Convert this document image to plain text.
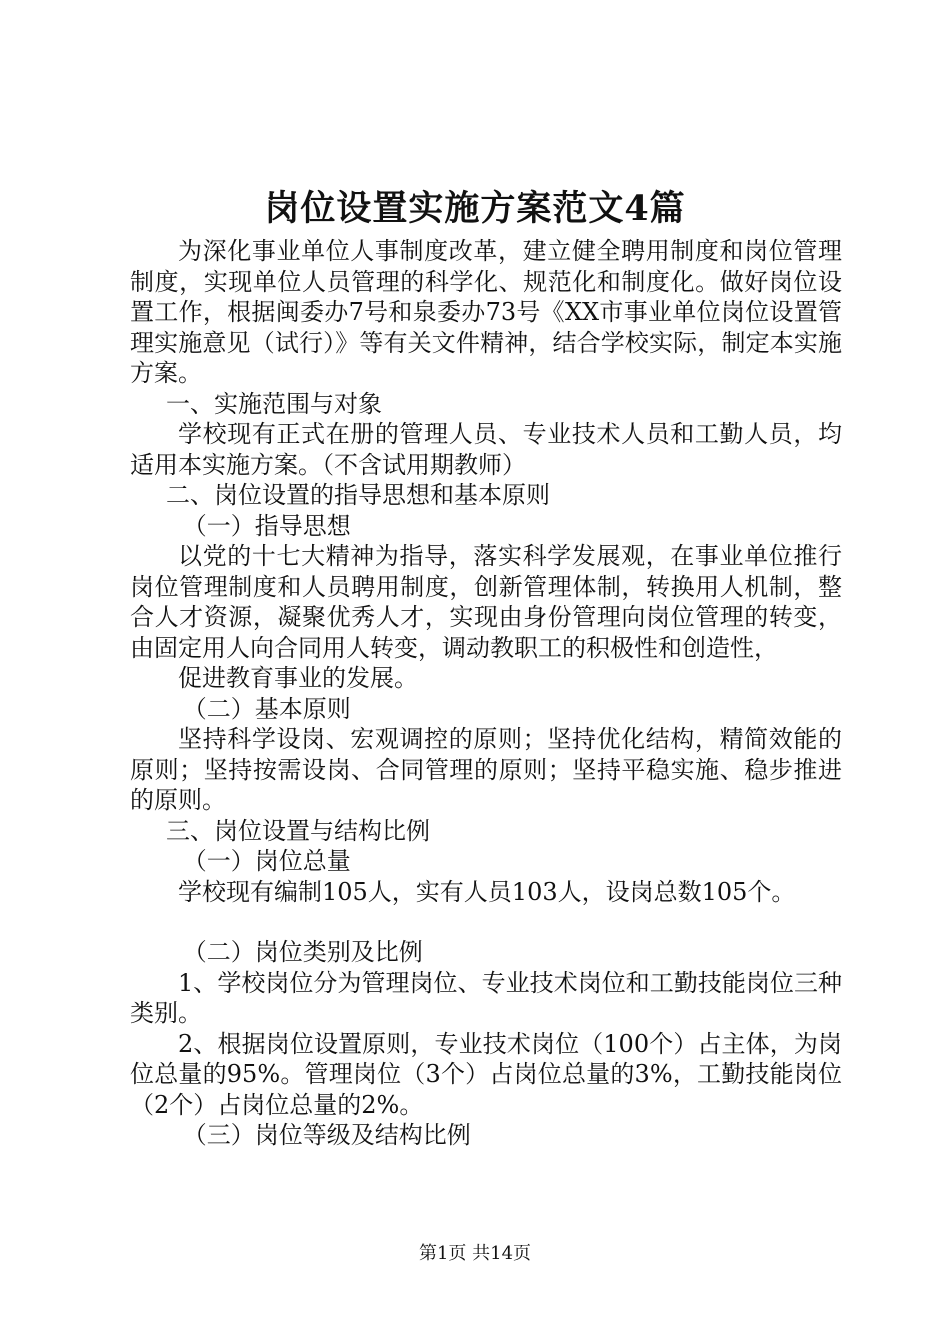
岗位设置实施方案范文4篇

为深化事业单位人事制度改革，建立健全聘用制度和岗位管理制度，实现单位人员管理的科学化、规范化和制度化。做好岗位设置工作，根据闽委办7号和泉委办73号《XX市事业单位岗位设置管理实施意见（试行）》等有关文件精神，结合学校实际，制定本实施方案。

一、实施范围与对象

学校现有正式在册的管理人员、专业技术人员和工勤人员，均适用本实施方案。（不含试用期教师）

二、岗位设置的指导思想和基本原则

（一）指导思想

以党的十七大精神为指导，落实科学发展观，在事业单位推行岗位管理制度和人员聘用制度，创新管理体制，转换用人机制，整合人才资源，凝聚优秀人才，实现由身份管理向岗位管理的转变，由固定用人向合同用人转变，调动教职工的积极性和创造性，

促进教育事业的发展。

（二）基本原则

坚持科学设岗、宏观调控的原则；坚持优化结构，精简效能的原则；坚持按需设岗、合同管理的原则；坚持平稳实施、稳步推进的原则。

三、岗位设置与结构比例

（一）岗位总量

学校现有编制105人，实有人员103人，设岗总数105个。

（二）岗位类别及比例

1、学校岗位分为管理岗位、专业技术岗位和工勤技能岗位三种类别。

2、根据岗位设置原则，专业技术岗位（100个）占主体，为岗位总量的95%。管理岗位（3个）占岗位总量的3%，工勤技能岗位（2个）占岗位总量的2%。

（三）岗位等级及结构比例

第1页 共14页
